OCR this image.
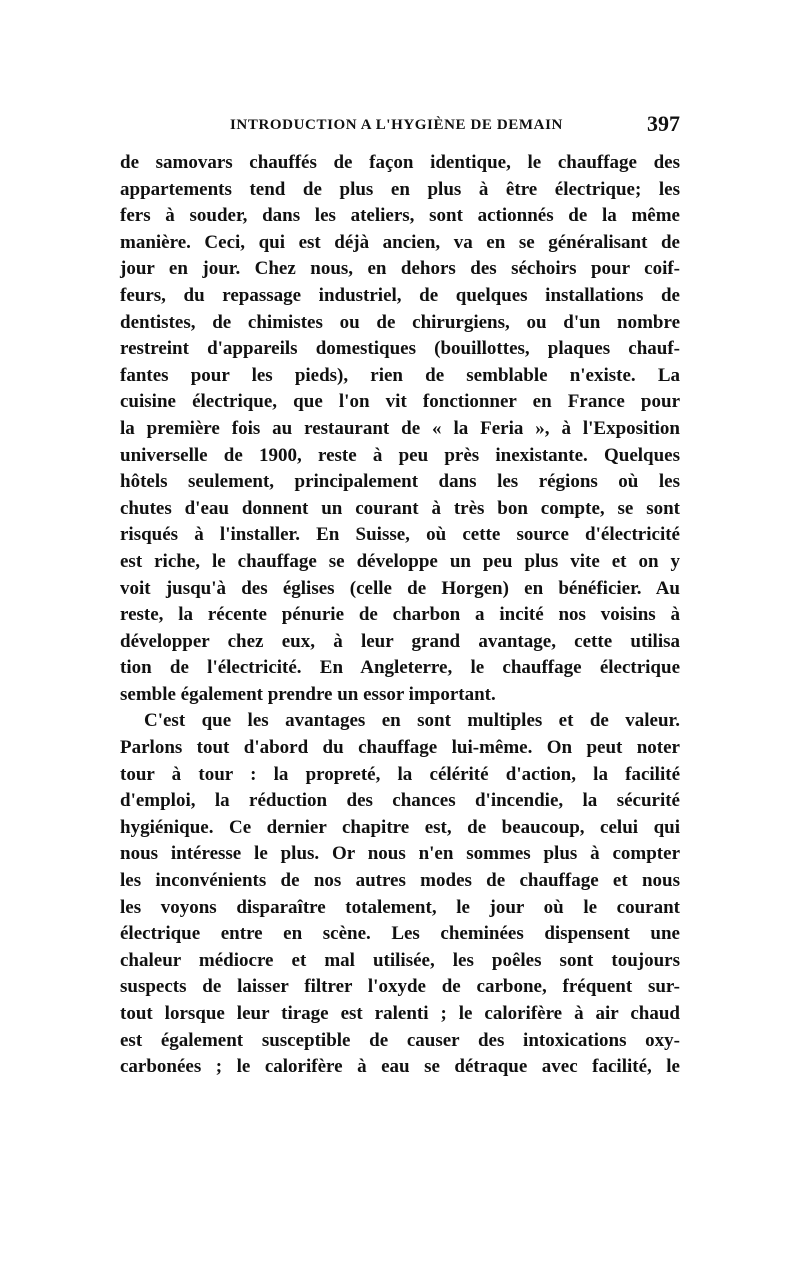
INTRODUCTION A L'HYGIÈNE DE DEMAIN	397
de samovars chauffés de façon identique, le chauffage des
appartements tend de plus en plus à être électrique; les
fers à souder, dans les ateliers, sont actionnés de la même
manière. Ceci, qui est déjà ancien, va en se généralisant de
jour en jour. Chez nous, en dehors des séchoirs pour coif-
feurs, du repassage industriel, de quelques installations de
dentistes, de chimistes ou de chirurgiens, ou d'un nombre
restreint d'appareils domestiques (bouillottes, plaques chauf-
fantes pour les pieds), rien de semblable n'existe. La
cuisine électrique, que l'on vit fonctionner en France pour
la première fois au restaurant de « la Feria », à l'Exposition
universelle de 1900, reste à peu près inexistante. Quelques
hôtels seulement, principalement dans les régions où les
chutes d'eau donnent un courant à très bon compte, se sont
risqués à l'installer. En Suisse, où cette source d'électricité
est riche, le chauffage se développe un peu plus vite et on y
voit jusqu'à des églises (celle de Horgen) en bénéficier. Au
reste, la récente pénurie de charbon a incité nos voisins à
développer chez eux, à leur grand avantage, cette utilisa
tion de l'électricité. En Angleterre, le chauffage électrique
semble également prendre un essor important.
C'est que les avantages en sont multiples et de valeur.
Parlons tout d'abord du chauffage lui-même. On peut noter
tour à tour : la propreté, la célérité d'action, la facilité
d'emploi, la réduction des chances d'incendie, la sécurité
hygiénique. Ce dernier chapitre est, de beaucoup, celui qui
nous intéresse le plus. Or nous n'en sommes plus à compter
les inconvénients de nos autres modes de chauffage et nous
les voyons disparaître totalement, le jour où le courant
électrique entre en scène. Les cheminées dispensent une
chaleur médiocre et mal utilisée, les poêles sont toujours
suspects de laisser filtrer l'oxyde de carbone, fréquent sur-
tout lorsque leur tirage est ralenti ; le calorifère à air chaud
est également susceptible de causer des intoxications oxy-
carbonées ; le calorifère à eau se détraque avec facilité, le
